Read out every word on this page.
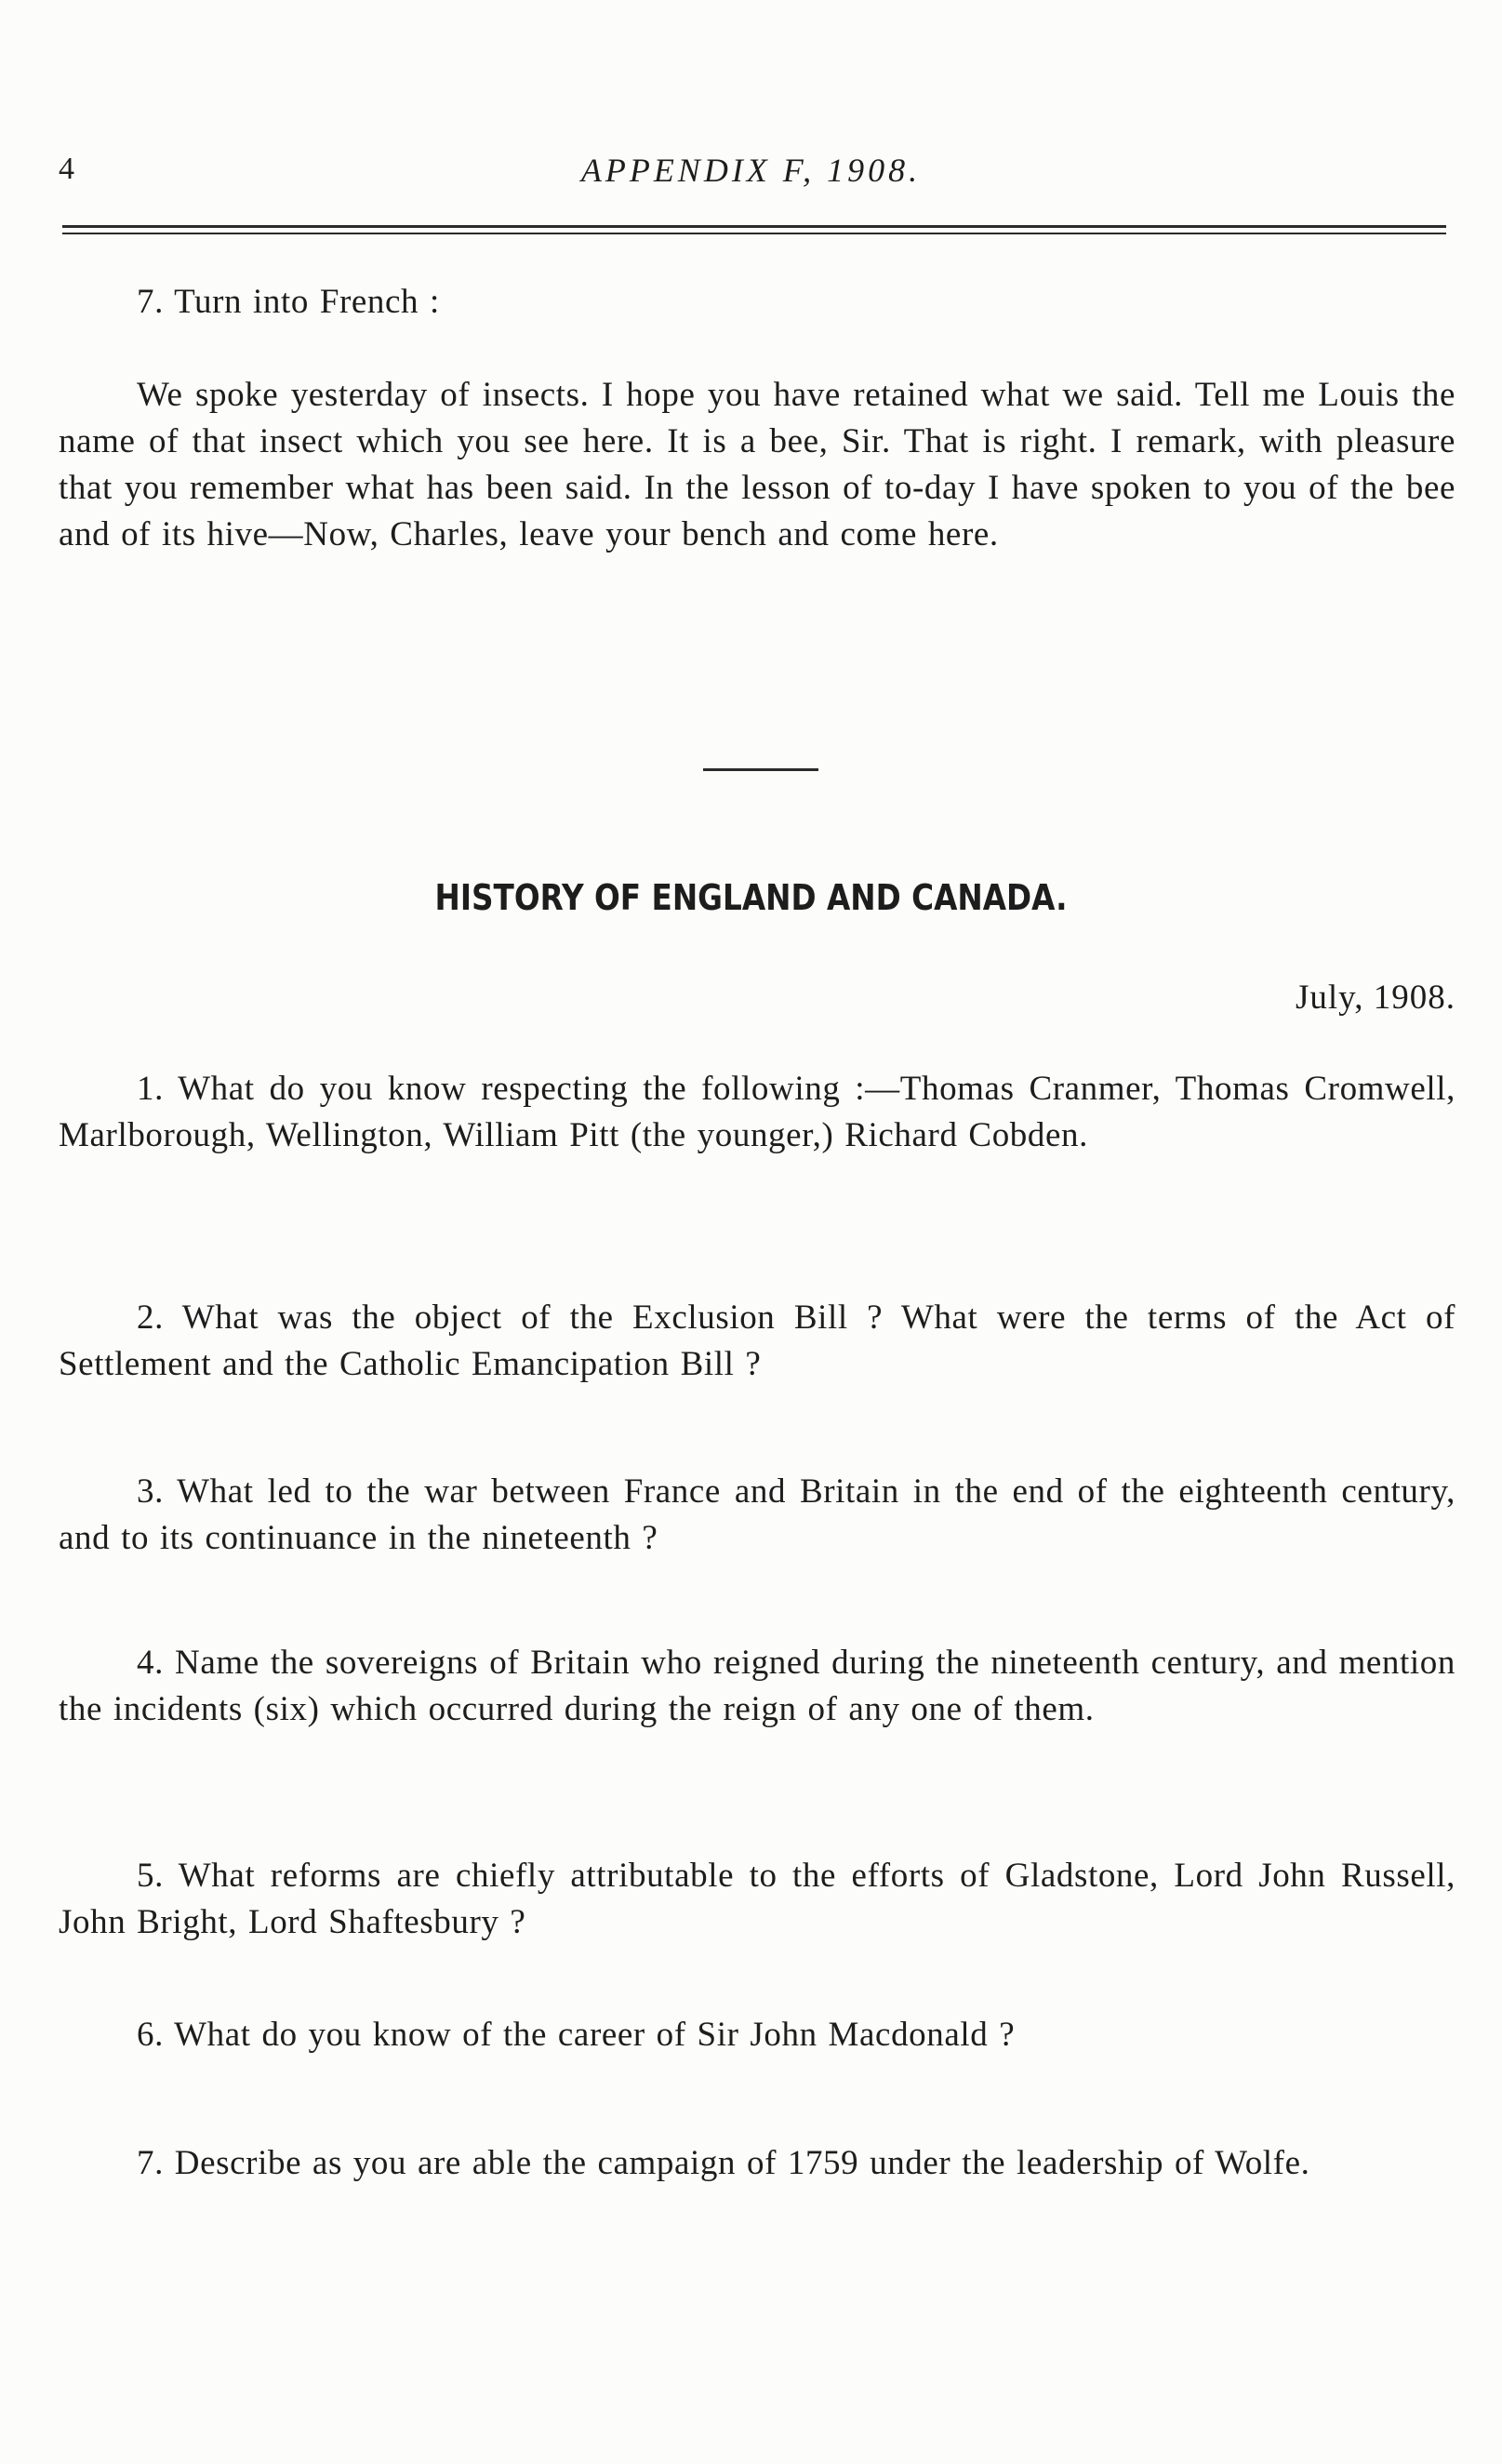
4	APPENDIX F, 1908.

7. Turn into French :

We spoke yesterday of insects. I hope you have retained what we said. Tell me Louis the name of that insect which you see here. It is a bee, Sir. That is right. I remark, with pleasure that you remember what has been said. In the lesson of to-day I have spoken to you of the bee and of its hive—Now, Charles, leave your bench and come here.

HISTORY OF ENGLAND AND CANADA.
July, 1908.

1. What do you know respecting the following :—Thomas Cranmer, Thomas Cromwell, Marlborough, Wellington, William Pitt (the younger,) Richard Cobden.

2. What was the object of the Exclusion Bill ? What were the terms of the Act of Settlement and the Catholic Emancipation Bill ?

3. What led to the war between France and Britain in the end of the eighteenth century, and to its continuance in the nineteenth ?

4. Name the sovereigns of Britain who reigned during the nineteenth century, and mention the incidents (six) which occurred during the reign of any one of them.

5. What reforms are chiefly attributable to the efforts of Gladstone, Lord John Russell, John Bright, Lord Shaftesbury ?

6. What do you know of the career of Sir John Macdonald ?

7. Describe as you are able the campaign of 1759 under the leadership of Wolfe.
